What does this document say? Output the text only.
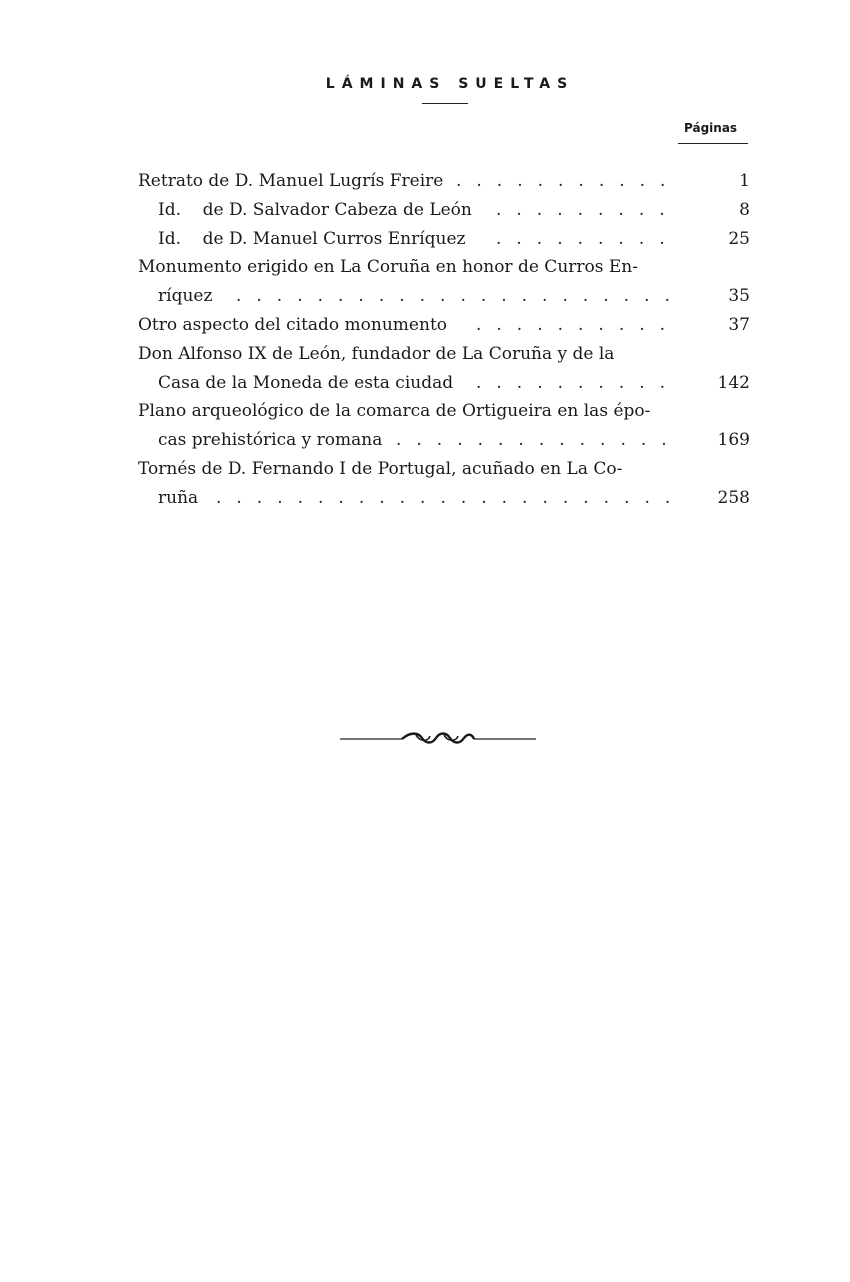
LÁMINAS SUELTAS
Páginas
Retrato de D. Manuel Lugrís Freire	1
...........
Id.    de D. Salvador Cabeza de León	8
.........
Id.    de D. Manuel Curros Enríquez	25
.........
Monumento erigido en La Coruña en honor de Curros En-
ríquez	35
......................
Otro aspecto del citado monumento	37
..........
Don Alfonso IX de León, fundador de La Coruña y de la
Casa de la Moneda de esta ciudad	142
..........
Plano arqueológico de la comarca de Ortigueira en las épo-
cas prehistórica y romana	169
..............
Tornés de D. Fernando I de Portugal, acuñado en La Co-
ruña	258
.......................
